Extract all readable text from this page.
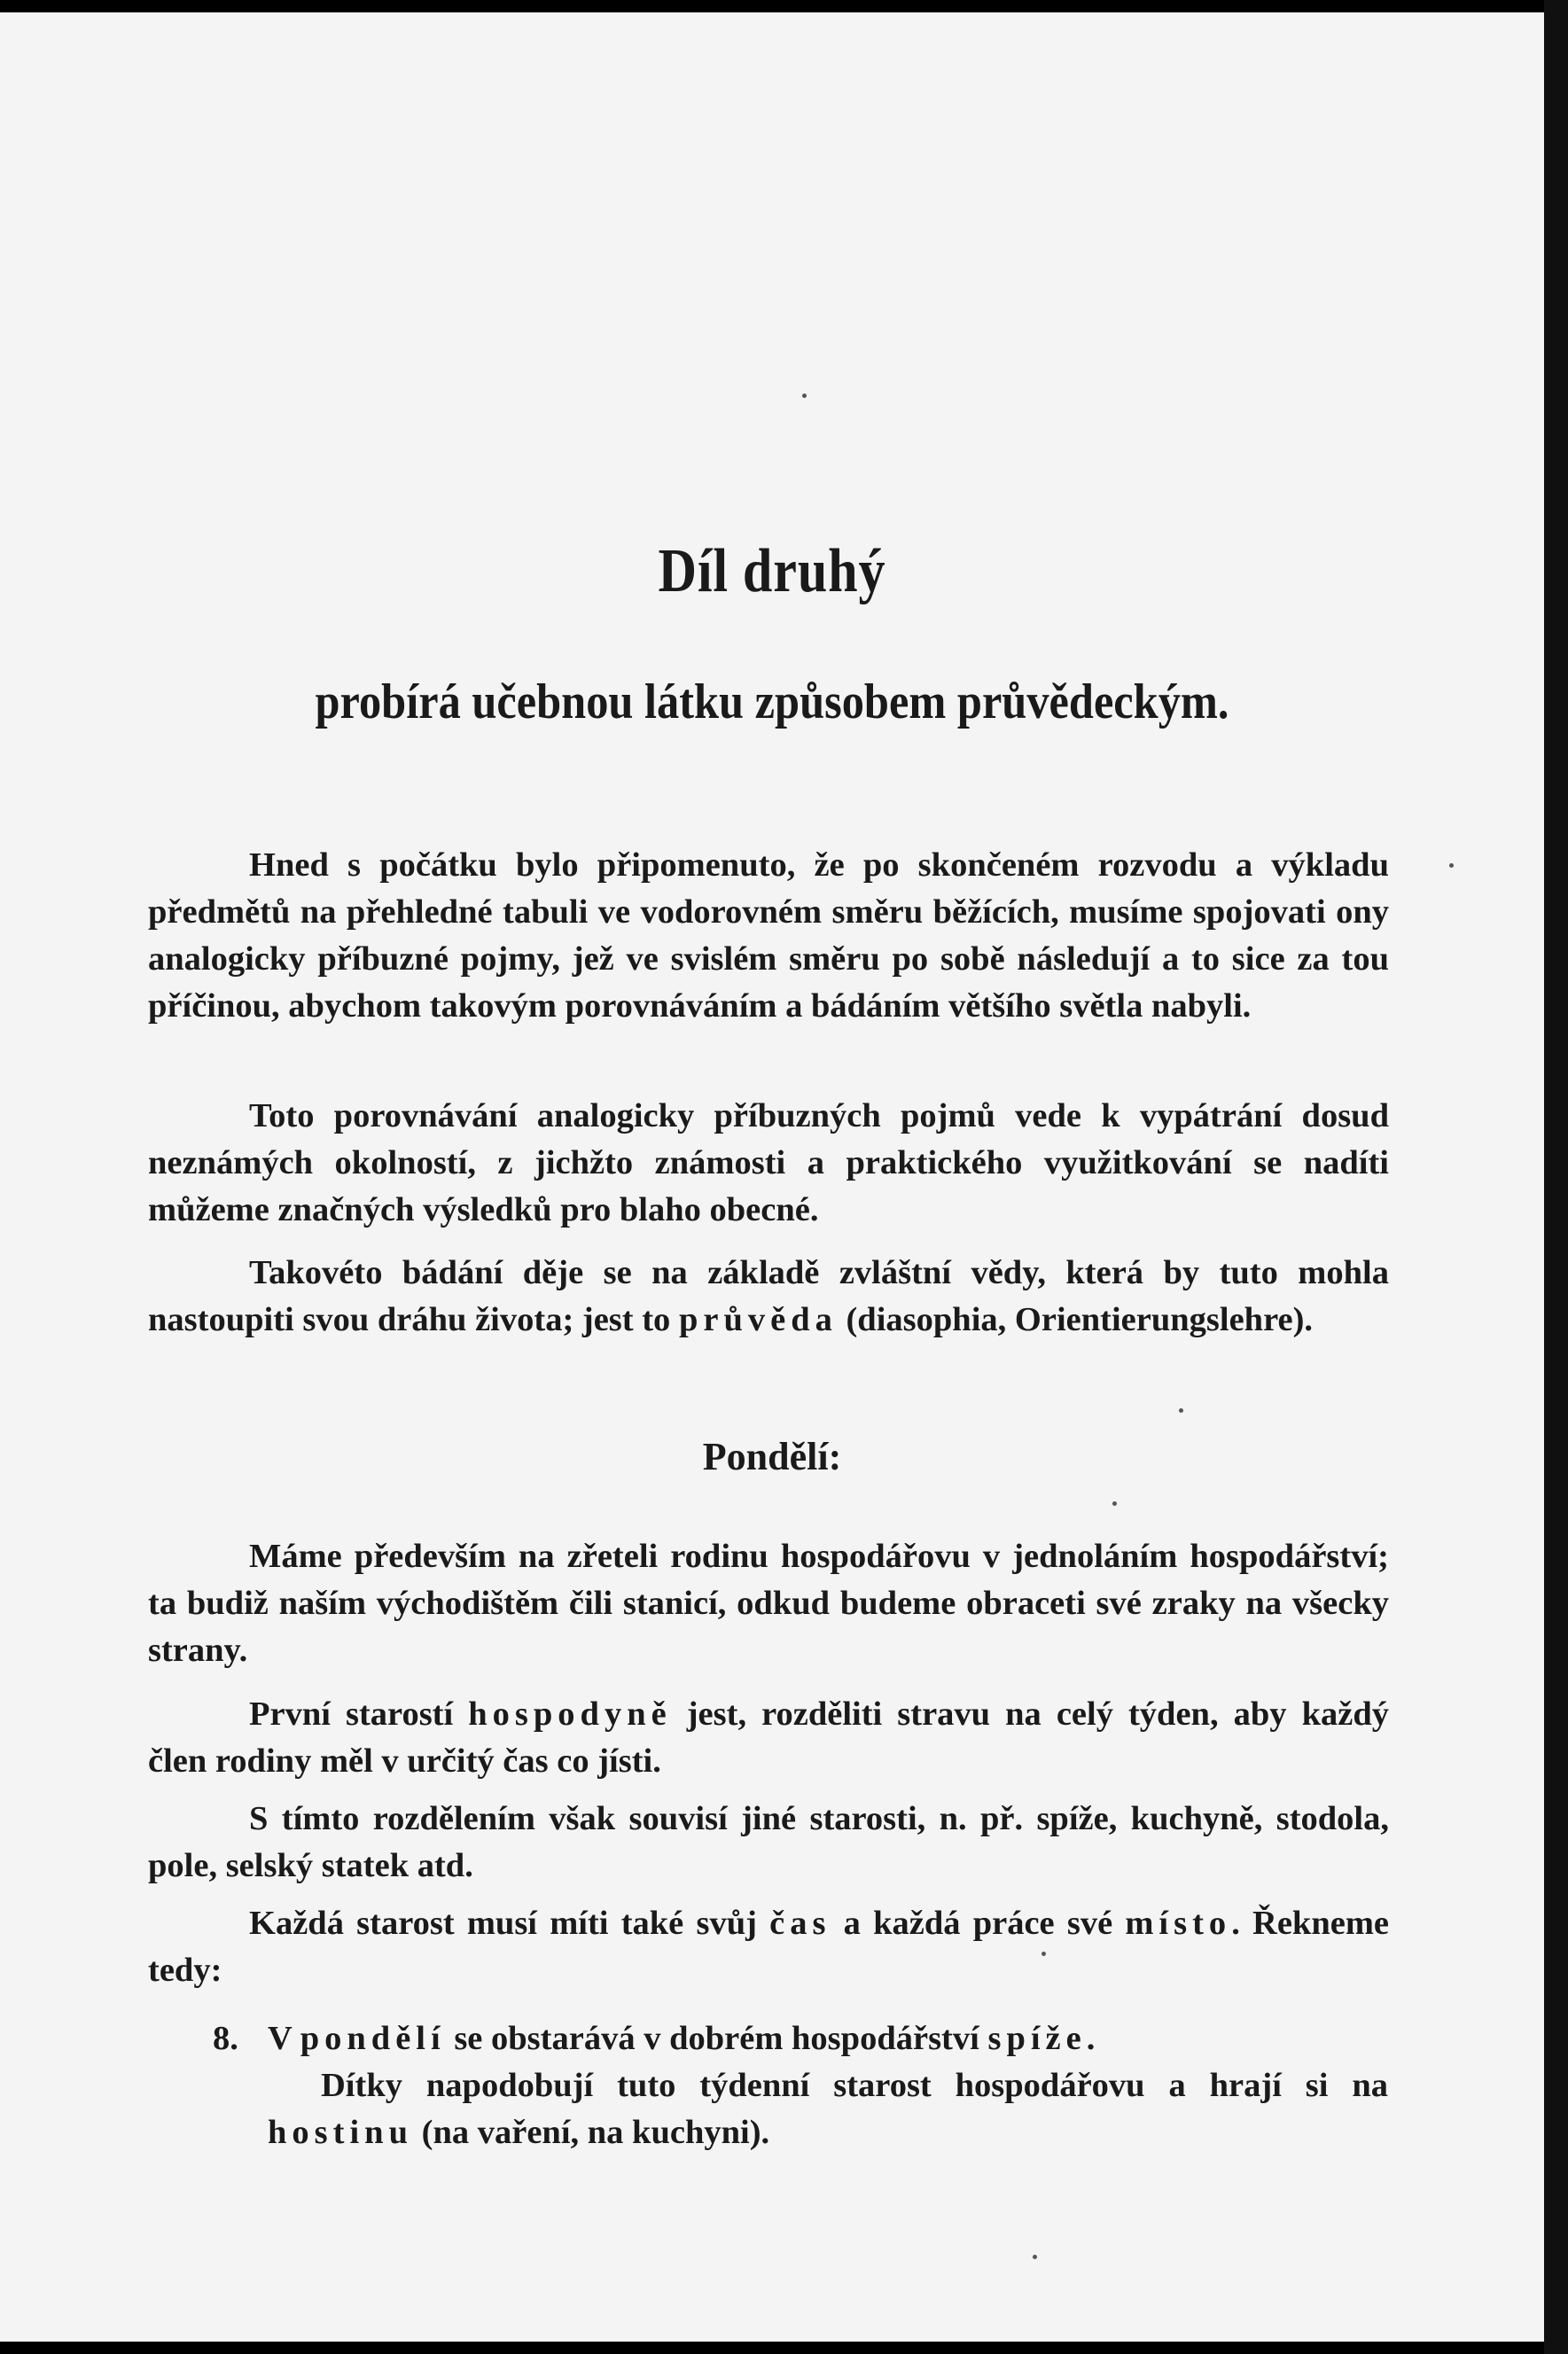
Díl druhý
probírá učebnou látku způsobem průvědeckým.
Hned s počátku bylo připomenuto, že po skončeném rozvodu a výkladu předmětů na přehledné tabuli ve vodorovném směru běžících, musíme spojovati ony analogicky příbuzné pojmy, jež ve svislém směru po sobě následují a to sice za tou příčinou, abychom takovým porovnáváním a bádáním většího světla nabyli.
Toto porovnávání analogicky příbuzných pojmů vede k vypátrání dosud neznámých okolností, z jichžto známosti a praktického využitkování se nadíti můžeme značných výsledků pro blaho obecné.
Takovéto bádání děje se na základě zvláštní vědy, která by tuto mohla nastoupiti svou dráhu života; jest to průvěda (diasophia, Orientierungslehre).
Pondělí:
Máme především na zřeteli rodinu hospodářovu v jednoláním hospodářství; ta budiž naším východištěm čili stanicí, odkud budeme obraceti své zraky na všecky strany.
První starostí hospodyně jest, rozděliti stravu na celý týden, aby každý člen rodiny měl v určitý čas co jísti.
S tímto rozdělením však souvisí jiné starosti, n. př. spíže, kuchyně, stodola, pole, selský statek atd.
Každá starost musí míti také svůj čas a každá práce své místo. Řekneme tedy:
8. V pondělí se obstarává v dobrém hospodářství spíže.
Dítky napodobují tuto týdenní starost hospodářovu a hrají si na hostinu (na vaření, na kuchyni).
